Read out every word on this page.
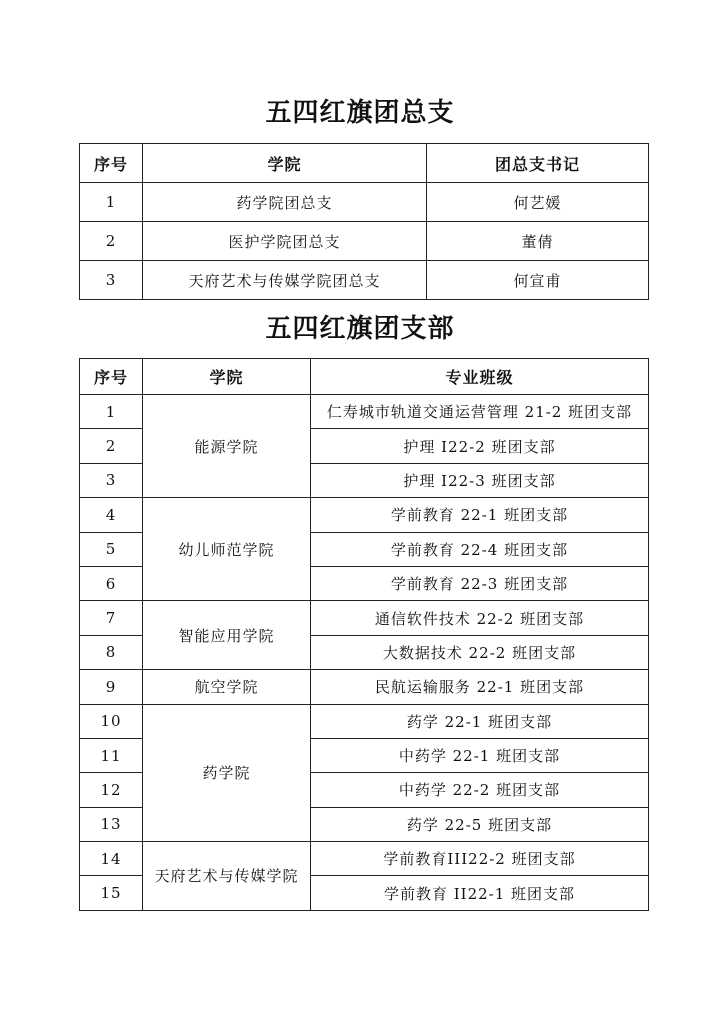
五四红旗团总支
序号	学院	团总支书记
1	药学院团总支	何艺媛
2	医护学院团总支	董倩
3	天府艺术与传媒学院团总支	何宣甫
五四红旗团支部
序号	学院	专业班级
1	能源学院	仁寿城市轨道交通运营管理 21-2 班团支部
2		护理 I22-2 班团支部
3		护理 I22-3 班团支部
4	幼儿师范学院	学前教育 22-1 班团支部
5		学前教育 22-4 班团支部
6		学前教育 22-3 班团支部
7	智能应用学院	通信软件技术 22-2 班团支部
8		大数据技术 22-2 班团支部
9	航空学院	民航运输服务 22-1 班团支部
10	药学院	药学 22-1 班团支部
11		中药学 22-1 班团支部
12		中药学 22-2 班团支部
13		药学 22-5 班团支部
14	天府艺术与传媒学院	学前教育III22-2 班团支部
15		学前教育 II22-1 班团支部
